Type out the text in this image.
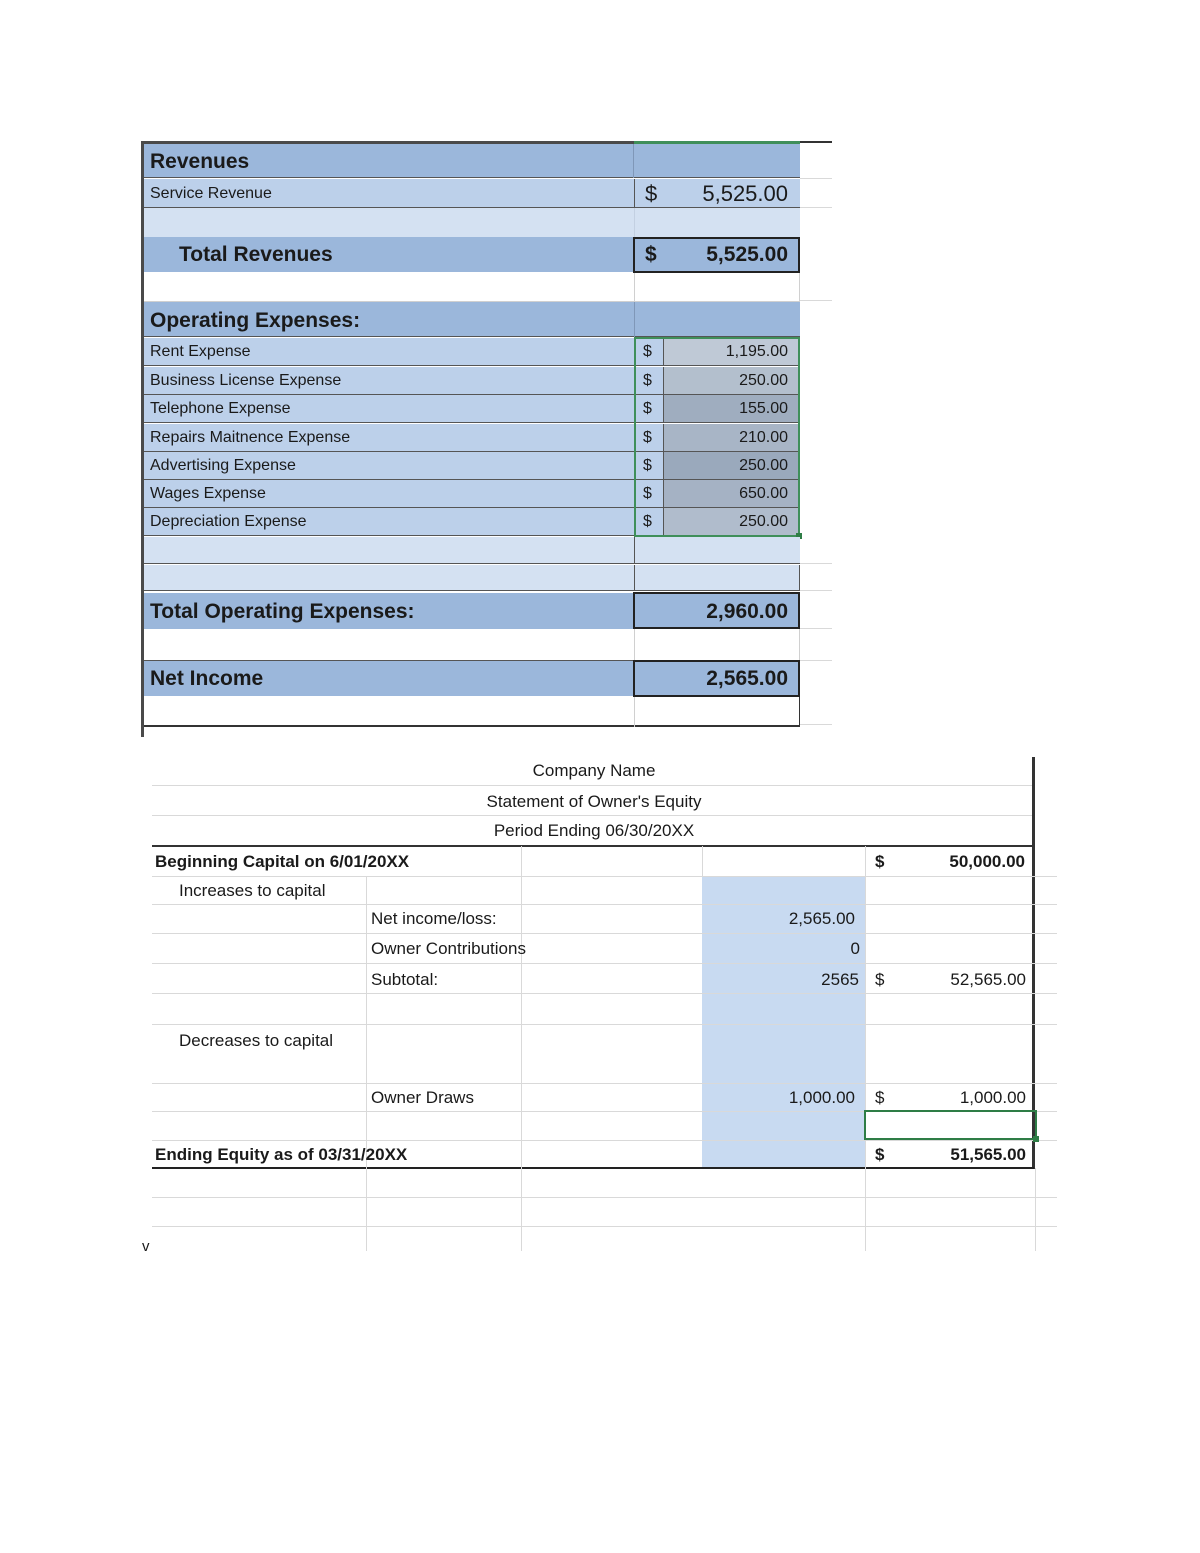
Revenues
Service Revenue	$ 5,525.00
Total Revenues	$ 5,525.00
Operating Expenses:
Rent Expense	$	1,195.00
Business License Expense	$	250.00
Telephone Expense	$	155.00
Repairs Maitnence Expense	$	210.00
Advertising Expense	$	250.00
Wages Expense	$	650.00
Depreciation Expense	$	250.00
Total Operating Expenses:	2,960.00
Net Income	2,565.00
Company Name
Statement of Owner's Equity
Period Ending 06/30/20XX
Beginning Capital on 6/01/20XX	$	50,000.00
Increases to capital
Net income/loss:	2,565.00
Owner Contributions	0
Subtotal:	2565 $	52,565.00
Decreases to capital
Owner Draws	1,000.00 $	1,000.00
Ending Equity as of 03/31/20XX	$	51,565.00
v
